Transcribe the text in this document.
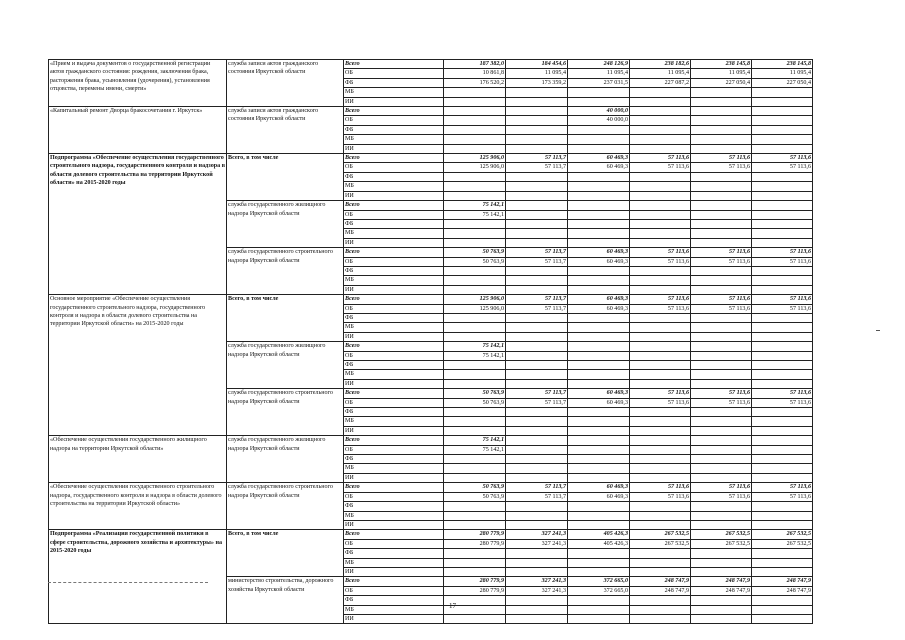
«Прием и выдача документов о государственной регистрации актов гражданского состояния: рождения, заключения брака, расторжения брака, усыновления (удочерения), установления отцовства, перемены имени, смерти»	служба записи актов гражданского состояния Иркутской области	Всего	187 382,0	184 454,6	248 126,9	238 182,6	238 145,8	238 145,8
		ОБ	10 861,8	11 095,4	11 095,4	11 095,4	11 095,4	11 095,4
		ФБ	176 520,2	173 359,2	237 031,5	227 087,2	227 050,4	227 050,4
		МБ						
		ИИ						
«Капитальный ремонт Дворца бракосочетания г. Иркутск»	служба записи актов гражданского состояния Иркутской области	Всего			40 000,0			
		ОБ			40 000,0			
		ФБ						
		МБ						
		ИИ						
Подпрограмма «Обеспечение осуществления государственного строительного надзора, государственного контроля и надзора в области долевого строительства на территории Иркутской области» на 2015-2020 годы	Всего, в том числе	Всего	125 906,0	57 113,7	60 469,3	57 113,6	57 113,6	57 113,6
		ОБ	125 906,0	57 113,7	60 469,3	57 113,6	57 113,6	57 113,6
		ФБ						
		МБ						
		ИИ						
	служба государственного жилищного надзора Иркутской области	Всего	75 142,1					
		ОБ	75 142,1					
		ФБ						
		МБ						
		ИИ						
	служба государственного строительного надзора Иркутской области	Всего	50 763,9	57 113,7	60 469,3	57 113,6	57 113,6	57 113,6
		ОБ	50 763,9	57 113,7	60 469,3	57 113,6	57 113,6	57 113,6
		ФБ						
		МБ						
		ИИ						
Основное мероприятие «Обеспечение осуществления государственного строительного надзора, государственного контроля и надзора в области долевого строительства на территории Иркутской области» на 2015-2020 годы	Всего, в том числе	Всего	125 906,0	57 113,7	60 469,3	57 113,6	57 113,6	57 113,6
		ОБ	125 906,0	57 113,7	60 469,3	57 113,6	57 113,6	57 113,6
		ФБ						
		МБ						
		ИИ						
	служба государственного жилищного надзора Иркутской области	Всего	75 142,1					
		ОБ	75 142,1					
		ФБ						
		МБ						
		ИИ						
	служба государственного строительного надзора Иркутской области	Всего	50 763,9	57 113,7	60 469,3	57 113,6	57 113,6	57 113,6
		ОБ	50 763,9	57 113,7	60 469,3	57 113,6	57 113,6	57 113,6
		ФБ						
		МБ						
		ИИ						
«Обеспечение осуществления государственного жилищного надзора на территории Иркутской области»	служба государственного жилищного надзора Иркутской области	Всего	75 142,1					
		ОБ	75 142,1					
		ФБ						
		МБ						
		ИИ						
«Обеспечение осуществления государственного строительного надзора, государственного контроля и надзора в области долевого строительства на территории Иркутской области»	служба государственного строительного надзора Иркутской области	Всего	50 763,9	57 113,7	60 469,3	57 113,6	57 113,6	57 113,6
		ОБ	50 763,9	57 113,7	60 469,3	57 113,6	57 113,6	57 113,6
		ФБ						
		МБ						
		ИИ						
Подпрограмма «Реализация государственной политики в сфере строительства, дорожного хозяйства и архитектуры» на 2015-2020 годы	Всего, в том числе	Всего	280 779,9	327 241,3	405 426,3	267 532,5	267 532,5	267 532,5
		ОБ	280 779,9	327 241,3	405 426,3	267 532,5	267 532,5	267 532,5
		ФБ						
		МБ						
		ИИ						
	министерство строительства, дорожного хозяйства Иркутской области	Всего	280 779,9	327 241,3	372 665,0	248 747,9	248 747,9	248 747,9
		ОБ	280 779,9	327 241,3	372 665,0	248 747,9	248 747,9	248 747,9
		ФБ						
		МБ						
		ИИ						
17
